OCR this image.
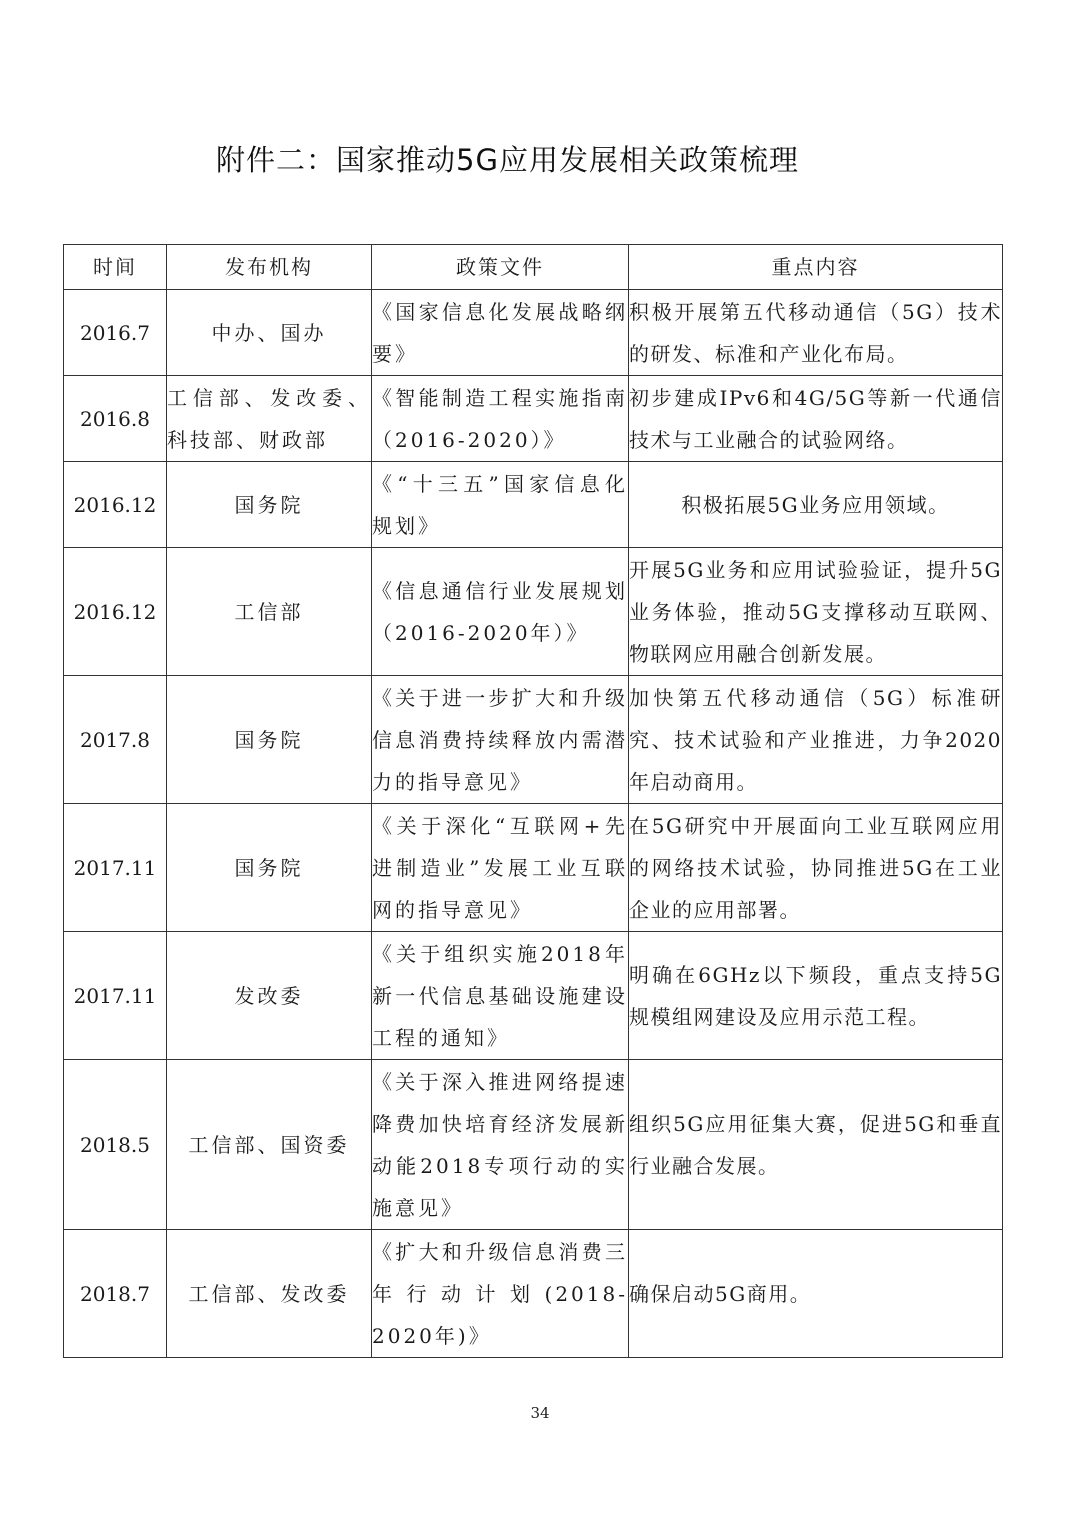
附件二：国家推动5G应用发展相关政策梳理
时间	发布机构	政策文件	重点内容
2016.7	中办、国办	《国家信息化发展战略纲要》	积极开展第五代移动通信（5G）技术的研发、标准和产业化布局。
2016.8	工信部、发改委、科技部、财政部	《智能制造工程实施指南（2016-2020）》	初步建成IPv6和4G/5G等新一代通信技术与工业融合的试验网络。
2016.12	国务院	《“十三五”国家信息化规划》	积极拓展5G业务应用领域。
2016.12	工信部	《信息通信行业发展规划（2016-2020年）》	开展5G业务和应用试验验证，提升5G业务体验，推动5G支撑移动互联网、物联网应用融合创新发展。
2017.8	国务院	《关于进一步扩大和升级信息消费持续释放内需潜力的指导意见》	加快第五代移动通信（5G）标准研究、技术试验和产业推进，力争2020年启动商用。
2017.11	国务院	《关于深化“互联网+先进制造业”发展工业互联网的指导意见》	在5G研究中开展面向工业互联网应用的网络技术试验，协同推进5G在工业企业的应用部署。
2017.11	发改委	《关于组织实施2018年新一代信息基础设施建设工程的通知》	明确在6GHz以下频段，重点支持5G规模组网建设及应用示范工程。
2018.5	工信部、国资委	《关于深入推进网络提速降费加快培育经济发展新动能2018专项行动的实施意见》	组织5G应用征集大赛，促进5G和垂直行业融合发展。
2018.7	工信部、发改委	《扩大和升级信息消费三年行动计划(2018-2020年)》	确保启动5G商用。
34
